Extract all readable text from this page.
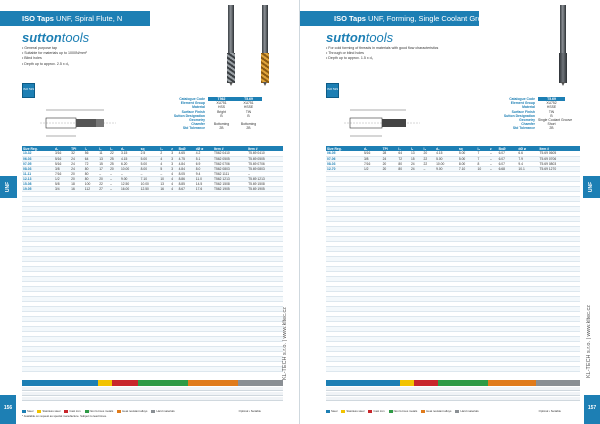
ISO Taps UNF, Spiral Flute, N
suttontools
• General purpose tap
• Suitable for materials up to 1000N/mm²
• Blind holes
• Depth up to approx. 2.5 x d₁
ISO 529
Catalogue Code	T562	T5.69
Element Group	XU751	XU751
Material	HSS	HSSE
Surface Finish	Bright	TiN
Sutton Designation	B	B
Geometry
Chamfer	Bottoming	Bottoming
Std Tolerance	2B	2B
Size Reg.	d₁	TPI	l₁	l₂	l₃	d₂	sq	l₄	z	BoØ	dØ ø	Item #	Item #
10-32	3/16	32	56	11	22	3.15	2.5	2	3	4.65	4.2	T562 0410	T5.69 0410
06-03	5/16	24	64	13	25	4.15	5.00	4	3	4.75	5.1	T562 0505	T5.69 0505
07-05	5/16	24	72	15	25	6.20	5.00	4	3	4.84	6.9	T562 0706	T5.69 0706
08-03	3/8	24	80	17	20	10.00	8.00	5	3	4.84	8.0	T562 0803	T5.69 0803
11-11	7/16	20	80	–	–	–	–	–	4	8.05	9.4	T562 1111	–
12-13	1/2	20	80	20	–	9.00	7.10	10	4	8.86	11.0	T562 1213	T5.69 1213
15-08	5/8	18	100	22	–	12.50	10.00	13	4	8.85	14.5	T562 1508	T5.69 1508
19-05	3/4	16	112	27	–	16.00	12.50	16	4	8.67	17.6	T562 1905	T5.69 1905

UNF
KL-TECH s.r.o. | www.kltec.cz
Steel	Stainless steel	Cast iron	Non ferrous metals	Heat resistant alloys	Hard materials	Optimal • Suitable
* Available on request as special manufacture. Subject to lead times.
156
ISO Taps UNF, Forming, Single Coolant Groove
suttontools
• For cold forming of threads in materials with good flow characteristics
• Through or blind holes
• Depth up to approx. 1.5 x d₁
ISO 529
Catalogue Code	T5.69
Element Group	XU752
Material	HSSE
Surface Finish	TiN
Sutton Designation	B
Geometry Single Coolant Groove
Chamfer	Short
Std Tolerance	2B
Size Reg.	d₁	TPI	l₁	l₂	l₃	d₂	sq	l₄	z	BoØ	dØ ø	Item #
06-05	5/16	28	64	13	20	4.15	5.00	7	–	6.07	6.6	T5.69 0605
07-06	3/8	24	72	15	22	5.00	5.00	7	–	6.07	7.9	T5.69 0706
08-03	7/16	20	80	24	22	10.00	8.00	8	–	6.07	9.4	T5.69 0803
12-70	1/2	20	80	24	–	9.00	7.10	10	–	6.68	10.1	T5.69 1270

UNF
KL-TECH s.r.o. | www.kltec.cz
Steel	Stainless steel	Cast iron	Non ferrous metals	Heat resistant alloys	Hard materials	Optimal • Suitable	157
